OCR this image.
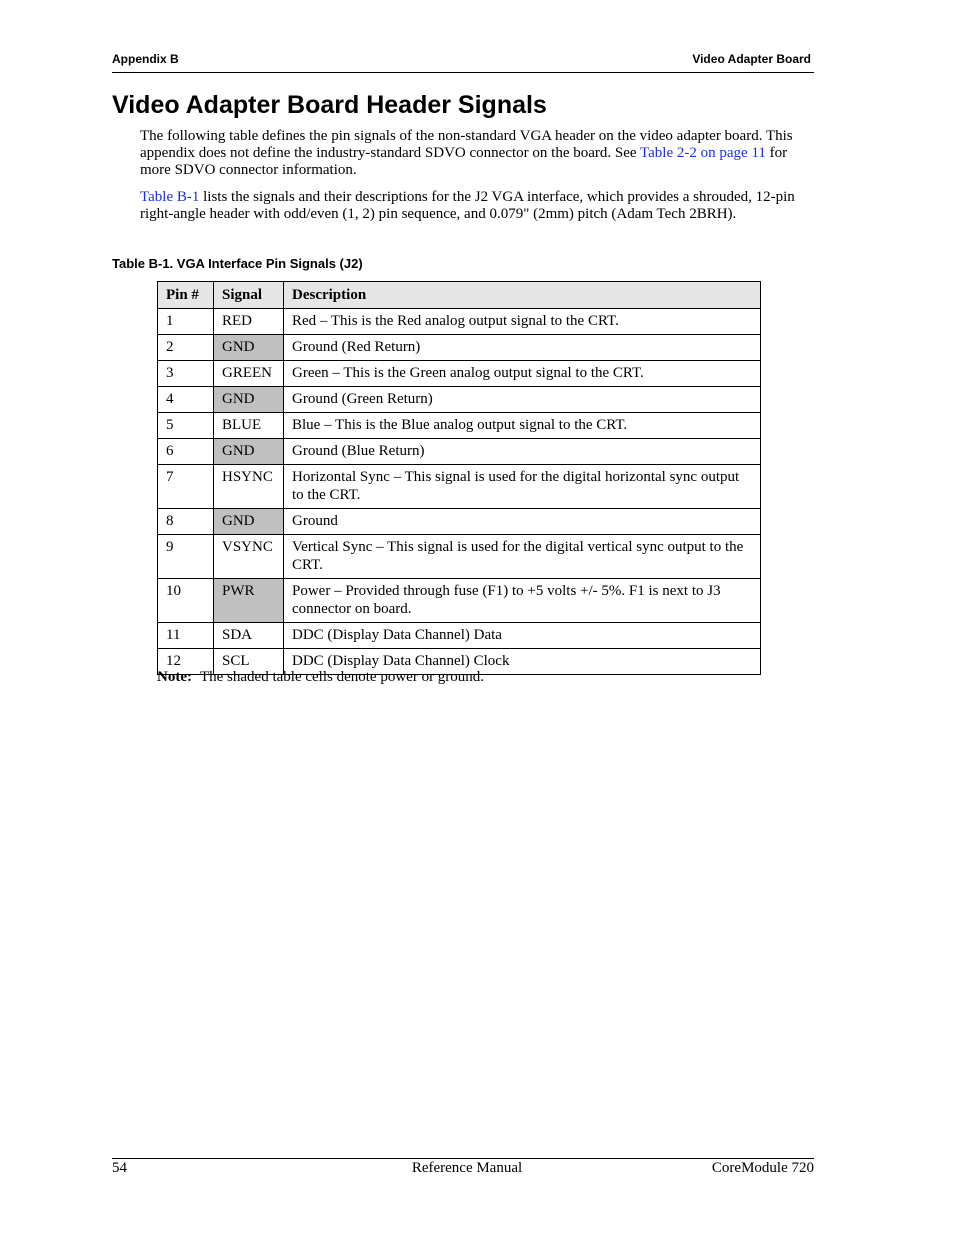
Appendix B	Video Adapter Board
Video Adapter Board Header Signals

The following table defines the pin signals of the non-standard VGA header on the video adapter board. This appendix does not define the industry-standard SDVO connector on the board. See Table 2-2 on page 11 for more SDVO connector information.

Table B-1 lists the signals and their descriptions for the J2 VGA interface, which provides a shrouded, 12-pin right-angle header with odd/even (1, 2) pin sequence, and 0.079" (2mm) pitch (Adam Tech 2BRH).

Table B-1. VGA Interface Pin Signals (J2)
Pin #	Signal	Description
1	RED	Red – This is the Red analog output signal to the CRT.
2	GND	Ground (Red Return)
3	GREEN	Green – This is the Green analog output signal to the CRT.
4	GND	Ground (Green Return)
5	BLUE	Blue – This is the Blue analog output signal to the CRT.
6	GND	Ground (Blue Return)
7	HSYNC	Horizontal Sync – This signal is used for the digital horizontal sync output to the CRT.
8	GND	Ground
9	VSYNC	Vertical Sync – This signal is used for the digital vertical sync output to the CRT.
10	PWR	Power – Provided through fuse (F1) to +5 volts +/- 5%. F1 is next to J3 connector on board.
11	SDA	DDC (Display Data Channel) Data
12	SCL	DDC (Display Data Channel) Clock
Note: The shaded table cells denote power or ground.
54	Reference Manual	CoreModule 720
